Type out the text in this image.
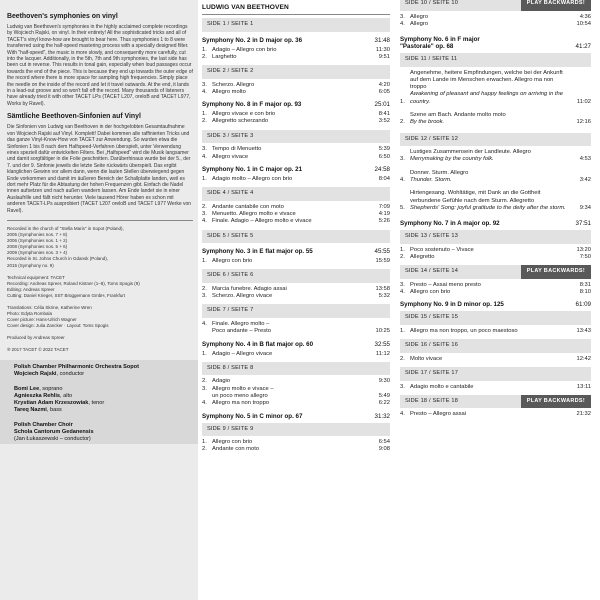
Beethoven's symphonies on vinyl

Ludwig van Beethoven's symphonies in the highly acclaimed complete recordings by Wojciech Rajski, on vinyl. In their entirety! All the sophisticated tricks and all of TACET's vinyl know-how are brought to bear here. Thus symphonies 1 to 8 were transferred using the half-speed mastering process with a specially designed filter. With "half-speed", the music is more slowly, and consequently more carefully, cut into the lacquer. Additionally, in the 5th, 7th and 9th symphonies, the last side has been cut in reverse. This results in tonal gain, especially when loud passages occur towards the end of the piece. This is because they end up towards the outer edge of the record where there is more space for sampling high frequencies. Simply place the needle on the inside of the record and let it travel outwards. At the end, it lands in a lead-out groove and so won't fall off the record. Many thousands of listeners have already tried it with other TACET LPs (TACET L207, oreloB and TACET L977, Works by Ravel).

Sämtliche Beethoven-Sinfonien auf Vinyl

Die Sinfonien von Ludwig van Beethoven in der hochgelobten Gesamtaufnahme von Wojciech Rajski auf Vinyl. Komplett! Dabei kommen alle raffinierten Tricks und das ganze Vinyl-Know-How von TACET zur Anwendung. So wurden etwa die Sinfonien 1 bis 8 nach dem Halfspeed-Verfahren überspielt, unter Verwendung eines speziell dafür entwickelten Filters. Bei „Halfspeed" wird die Musik langsamer und damit sorgfältiger in die Folie geschnitten. Darüberhinaus wurde bei der 5., der 7. und der 9. Sinfonie jeweils die letzte Seite rückwärts überspielt. Das ergibt klanglichen Gewinn vor allem dann, wenn die lauten Stellen überwiegend gegen Ende vorkommen und damit im äußeren Bereich der Schallplatte landen, weil es dort mehr Platz für die Abtastung der hohen Frequenzen gibt. Einfach die Nadel innen aufsetzen und nach außen wandern lassen. Am Ende landet sie in einer Auslaufrille und fällt nicht herunter. Viele tausend Hörer haben es schon mit anderen TACET-LPs ausprobiert (TACET L207 oreloB und TACET L977 Werke von Ravel).

Recorded in the church of "Stella Maris" in Sopot (Poland),
2005 (Symphonies nos. 7 + 8)
2006 (Symphonies nos. 1 + 2)
2008 (Symphonies nos. 5 + 6)
2009 (Symphonies nos. 3 + 4)
Recorded in St. Johns Church in Gdansk (Poland),
2015 (Symphony no. 9)

Technical equipment: TACET
Recording: Andreas Spreer, Roland Kistner (1–8), Toms Spogis (9)
Editing: Andreas Spreer
Cutting: Daniel Krieger, SST Brüggemann GmbH, Frankfurt

Translations: Célia Skrine, Katherine Wren
Photo: Edyta Rombala
Cover picture: Hans-Ulrich Wagner
Cover design: Julia Zancker · Layout: Toms Spogis

Produced by Andreas Spreer

℗ 2017 TACET © 2022 TACET

Polish Chamber Philharmonic Orchestra Sopot
Wojciech Rajski, conductor
Bomi Lee, soprano
Agnieszka Rehlis, alto
Krystian Adam Krzeszowiak, tenor
Tareq Nazmi, bass
Polish Chamber Choir
Schola Cantorum Gedanensis
(Jan Łukaszewski – conductor)
LUDWIG VAN BEETHOVEN
SIDE 1 / SEITE 1
Symphony No. 2 in D major op. 36	31:48
1. Adagio – Allegro con brio	11:30
2. Larghetto	9:51
SIDE 2 / SEITE 2
3. Scherzo. Allegro	4:20
4. Allegro molto	6:05
Symphony No. 8 in F major op. 93	25:01
1. Allegro vivace e con brio	8:41
2. Allegretto scherzando	3:52
SIDE 3 / SEITE 3
3. Tempo di Menuetto	5:39
4. Allegro vivace	6:50
Symphony No. 1 in C major op. 21	24:58
1. Adagio molto – Allegro con brio	8:04
SIDE 4 / SEITE 4
2. Andante cantabile con moto	7:09
3. Menuetto. Allegro molto e vivace	4:19
4. Finale. Adagio – Allegro molto e vivace	5:26
SIDE 5 / SEITE 5
Symphony No. 3 in E flat major op. 55	45:55
1. Allegro con brio	15:59
SIDE 6 / SEITE 6
2. Marcia funebre. Adagio assai	13:58
3. Scherzo. Allegro vivace	5:32
SIDE 7 / SEITE 7
4. Finale. Allegro molto –
Poco andante – Presto	10:25
Symphony No. 4 in B flat major op. 60	32:55
1. Adagio – Allegro vivace	11:12
SIDE 8 / SEITE 8
2. Adagio	9:30
3. Allegro molto e vivace –
un poco meno allegro	5:49
4. Allegro ma non troppo	6:22
Symphony No. 5 in C minor op. 67	31:32
SIDE 9 / SEITE 9
1. Allegro con brio	6:54
2. Andante con moto	9:08
SIDE 10 / SEITE 10	PLAY BACKWARDS!
3. Allegro	4:36
4. Allegro	10:54
Symphony No. 6 in F major
"Pastorale" op. 68	41:27
SIDE 11 / SEITE 11
1.
Angenehme, heitere Empfindungen, welche bei der Ankunft auf dem Lande im Menschen erwachen. Allegro ma non troppo
Awakening of pleasant and happy feelings on arriving in the country.	11:02
2.
Szene am Bach. Andante molto moto
By the brook.	12:16
SIDE 12 / SEITE 12
3.
Lustiges Zusammensein der Landleute. Allegro
Merrymaking by the country folk.	4:53
4.
Donner. Sturm. Allegro
Thunder. Storm.	3:42
5.
Hirtengesang. Wohltätige, mit Dank an die Gottheit verbundene Gefühle nach dem Sturm. Allegretto
Shepherds' Song: joyful gratitude to the deity after the storm.	9:34
Symphony No. 7 in A major op. 92	37:51
SIDE 13 / SEITE 13
1. Poco sostenuto – Vivace	13:20
2. Allegretto	7:50
SIDE 14 / SEITE 14	PLAY BACKWARDS!
3. Presto – Assai meno presto	8:31
4. Allegro con brio	8:10
Symphony No. 9 in D minor op. 125	61:09
SIDE 15 / SEITE 15
1. Allegro ma non troppo, un poco maestoso	13:43
SIDE 16 / SEITE 16
2. Molto vivace	12:42
SIDE 17 / SEITE 17
3. Adagio molto e cantabile	13:11
SIDE 18 / SEITE 18	PLAY BACKWARDS!
4. Presto – Allegro assai	21:32
